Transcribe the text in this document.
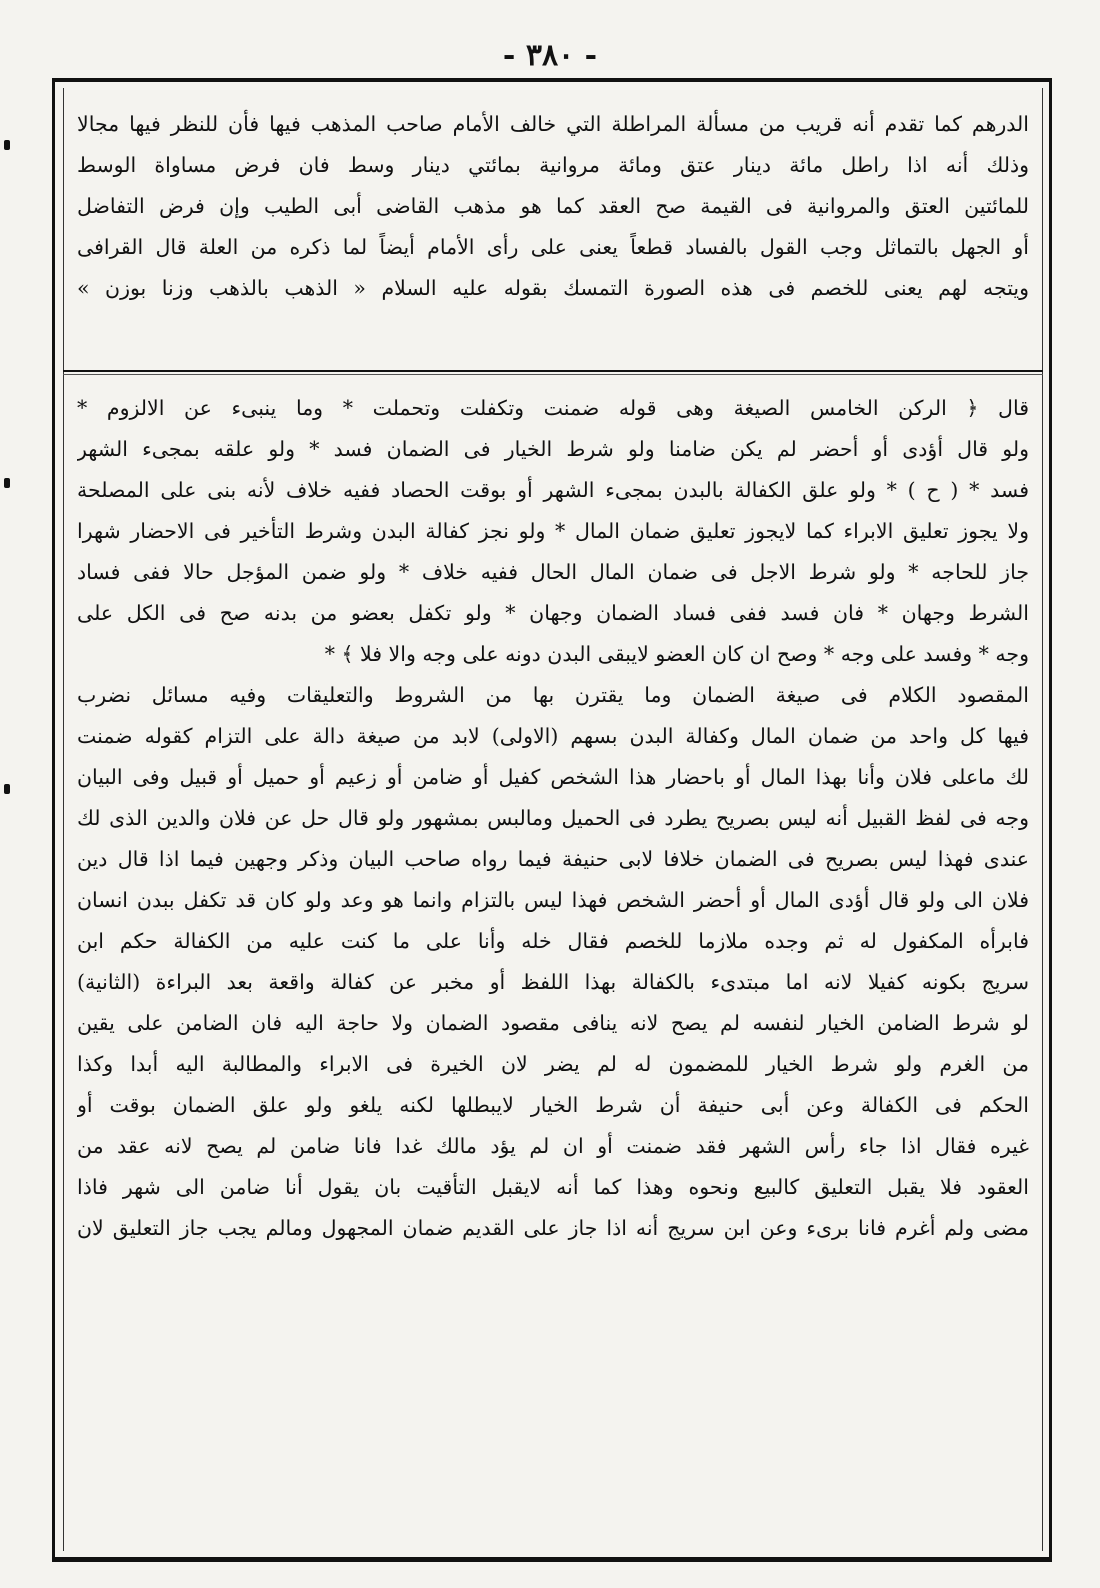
- ٣٨٠ -
الدرهم كما تقدم أنه قريب من مسألة المراطلة التي خالف الأمام صاحب المذهب فيها فأن للنظر فيها مجالا
وذلك أنه اذا راطل مائة دينار عتق ومائة مروانية بمائتي دينار وسط فان فرض مساواة الوسط
للمائتين العتق والمروانية فى القيمة صح العقد كما هو مذهب القاضى أبى الطيب وإن فرض التفاضل
أو الجهل بالتماثل وجب القول بالفساد قطعاً يعنى على رأى الأمام أيضاً لما ذكره من العلة قال القرافى
ويتجه لهم يعنى للخصم فى هذه الصورة التمسك بقوله عليه السلام « الذهب بالذهب وزنا بوزن »
قال ﴿ الركن الخامس الصيغة وهى قوله ضمنت وتكفلت وتحملت * وما ينبىء عن الالزوم *
ولو قال أؤدى أو أحضر لم يكن ضامنا ولو شرط الخيار فى الضمان فسد * ولو علقه بمجىء الشهر
فسد * ( ح ) * ولو علق الكفالة بالبدن بمجىء الشهر أو بوقت الحصاد ففيه خلاف لأنه بنى على المصلحة
ولا يجوز تعليق الابراء كما لايجوز تعليق ضمان المال * ولو نجز كفالة البدن وشرط التأخير فى الاحضار شهرا
جاز للحاجه * ولو شرط الاجل فى ضمان المال الحال ففيه خلاف * ولو ضمن المؤجل حالا ففى فساد
الشرط وجهان * فان فسد ففى فساد الضمان وجهان * ولو تكفل بعضو من بدنه صح فى الكل على
وجه * وفسد على وجه * وصح ان كان العضو لايبقى البدن دونه على وجه والا فلا ﴾ *
المقصود الكلام فى صيغة الضمان وما يقترن بها من الشروط والتعليقات وفيه مسائل نضرب
فيها كل واحد من ضمان المال وكفالة البدن بسهم (الاولى) لابد من صيغة دالة على التزام كقوله ضمنت
لك ماعلى فلان وأنا بهذا المال أو باحضار هذا الشخص كفيل أو ضامن أو زعيم أو حميل أو قبيل وفى البيان
وجه فى لفظ القبيل أنه ليس بصريح يطرد فى الحميل ومالبس بمشهور ولو قال حل عن فلان والدين الذى لك
عندى فهذا ليس بصريح فى الضمان خلافا لابى حنيفة فيما رواه صاحب البيان وذكر وجهين فيما اذا قال دين
فلان الى ولو قال أؤدى المال أو أحضر الشخص فهذا ليس بالتزام وانما هو وعد ولو كان قد تكفل ببدن انسان
فابرأه المكفول له ثم وجده ملازما للخصم فقال خله وأنا على ما كنت عليه من الكفالة حكم ابن
سريج بكونه كفيلا لانه اما مبتدىء بالكفالة بهذا اللفظ أو مخبر عن كفالة واقعة بعد البراءة (الثانية)
لو شرط الضامن الخيار لنفسه لم يصح لانه ينافى مقصود الضمان ولا حاجة اليه فان الضامن على يقين
من الغرم ولو شرط الخيار للمضمون له لم يضر لان الخيرة فى الابراء والمطالبة اليه أبدا وكذا
الحكم فى الكفالة وعن أبى حنيفة أن شرط الخيار لايبطلها لكنه يلغو ولو علق الضمان بوقت أو
غيره فقال اذا جاء رأس الشهر فقد ضمنت أو ان لم يؤد مالك غدا فانا ضامن لم يصح لانه عقد من
العقود فلا يقبل التعليق كالبيع ونحوه وهذا كما أنه لايقبل التأقيت بان يقول أنا ضامن الى شهر فاذا
مضى ولم أغرم فانا برىء وعن ابن سريج أنه اذا جاز على القديم ضمان المجهول ومالم يجب جاز التعليق لان
